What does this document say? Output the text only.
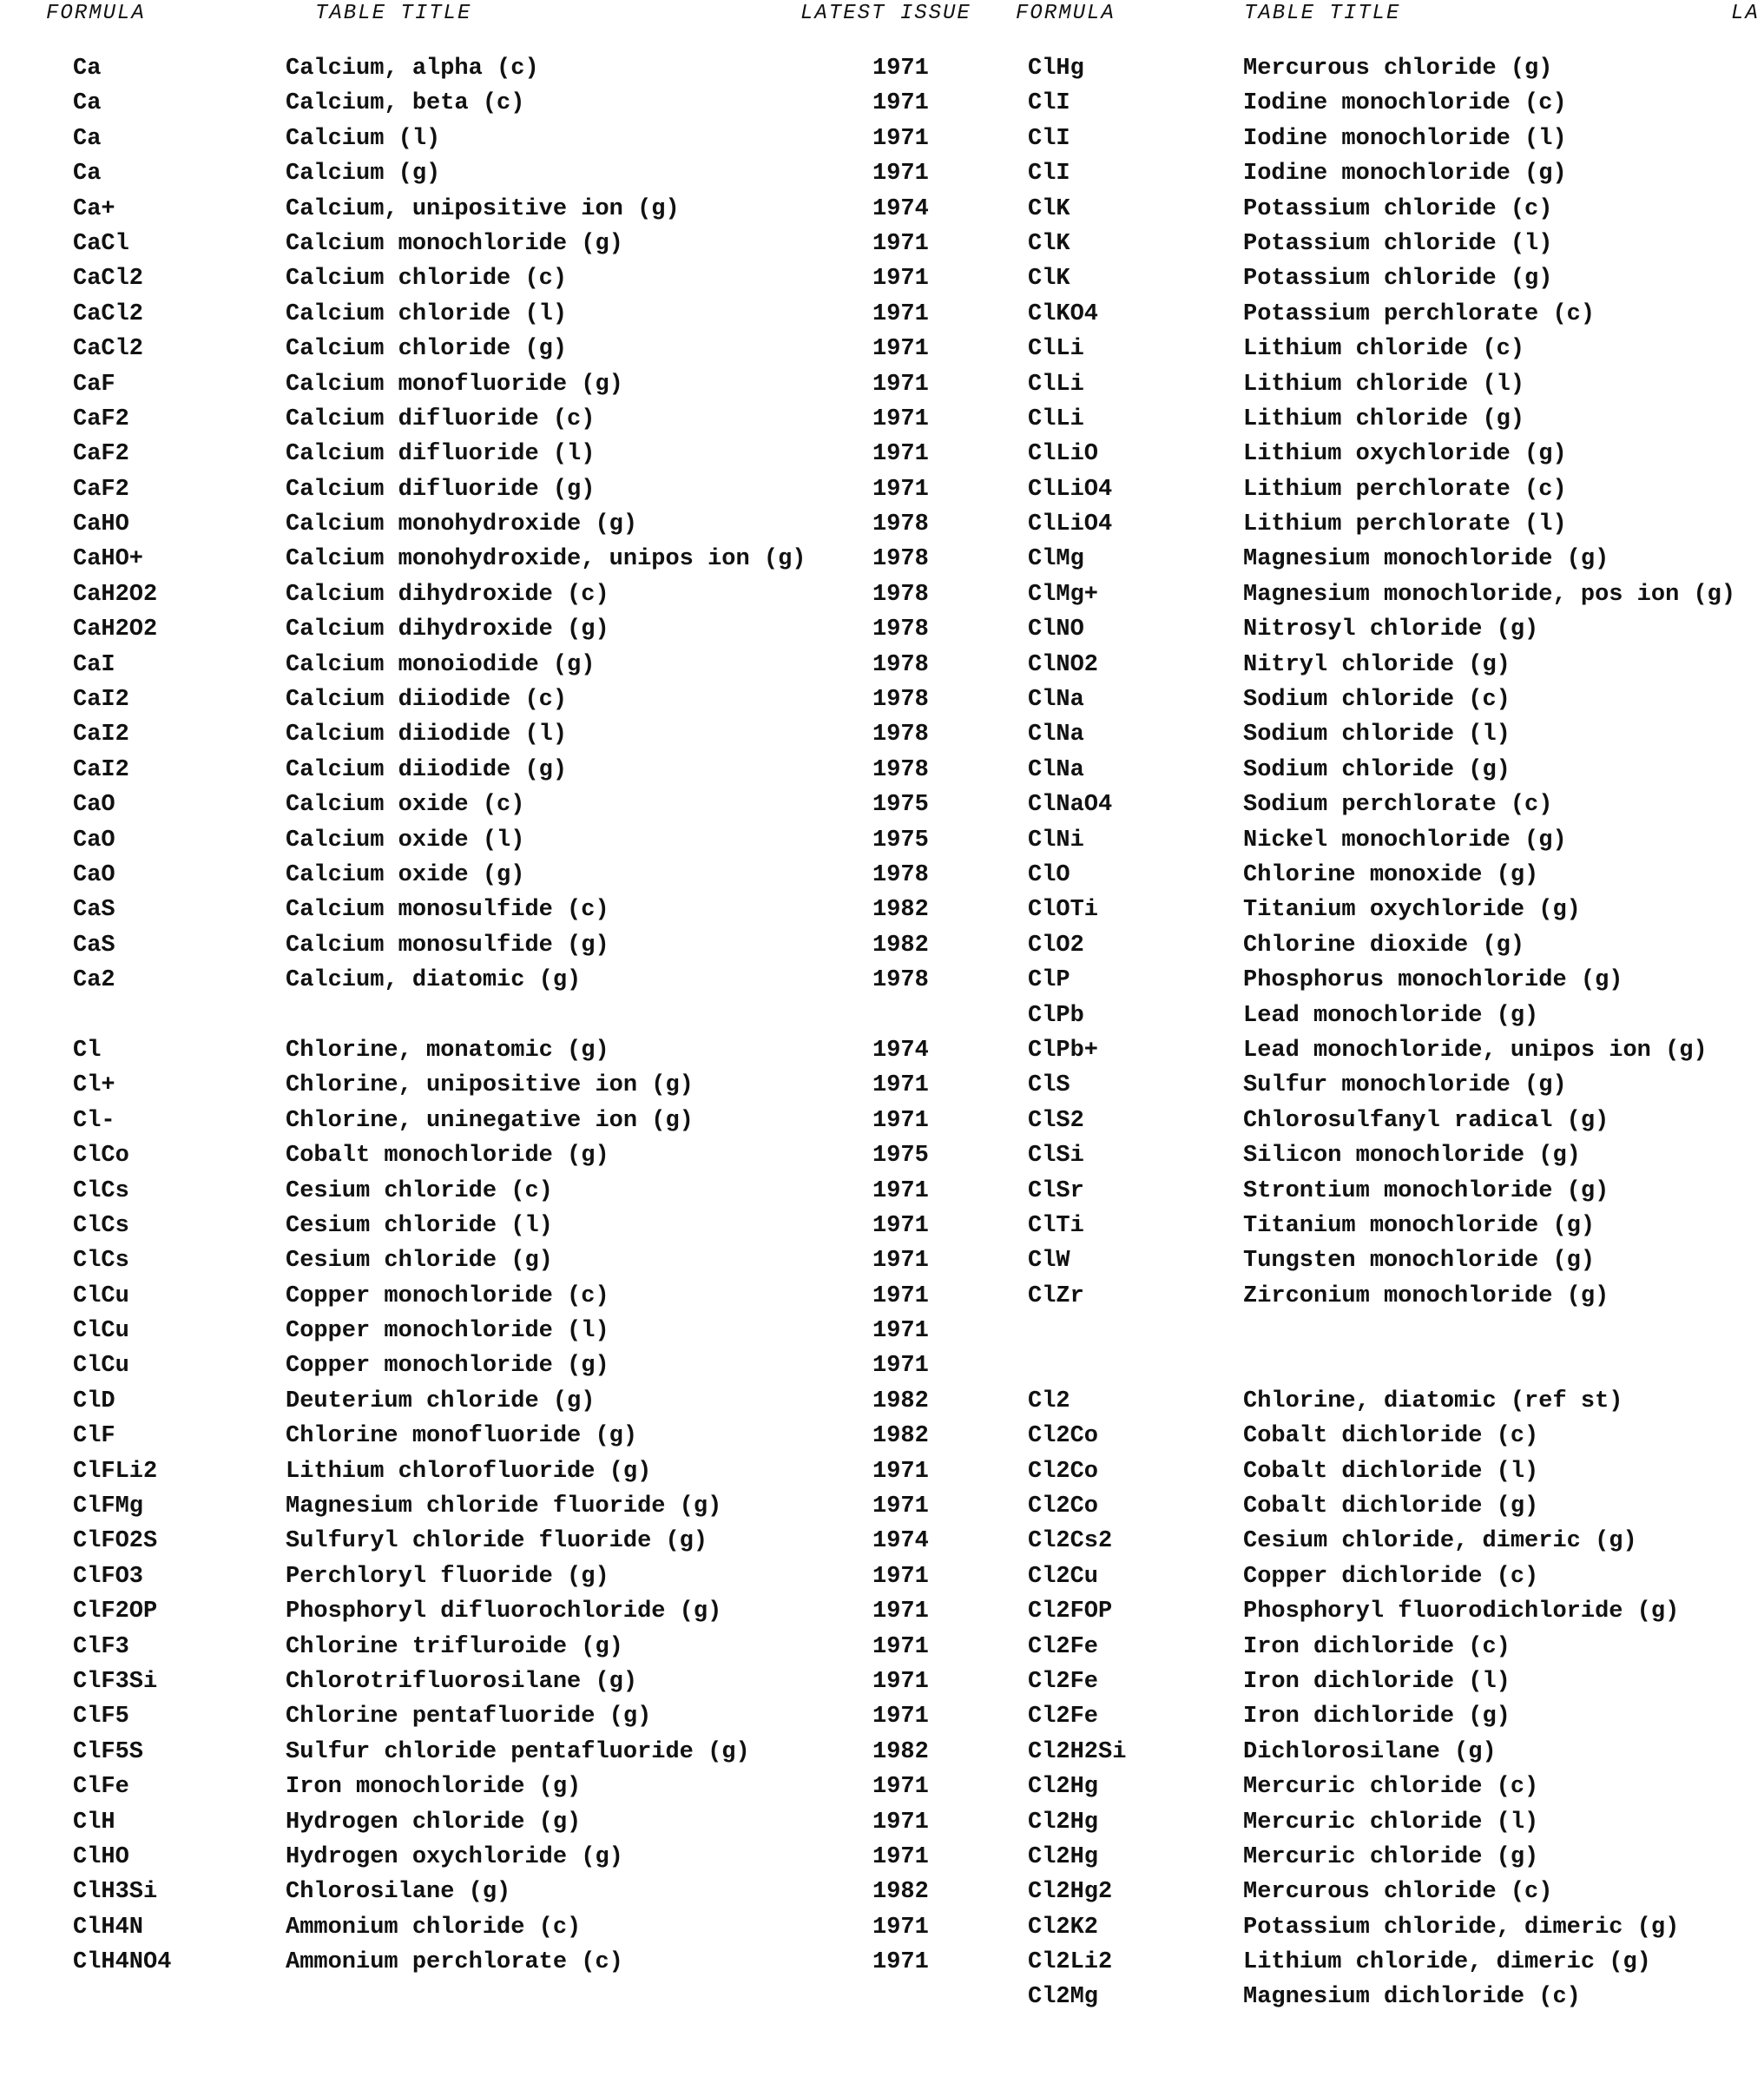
FORMULA	TABLE TITLE	LATEST ISSUE FORMULA	TABLE TITLE	LA
Ca	Calcium, alpha (c)	1971
Ca	Calcium, beta (c)	1971
Ca	Calcium (l)	1971
Ca	Calcium (g)	1971
Ca+	Calcium, unipositive ion (g)	1974
CaCl	Calcium monochloride (g)	1971
CaCl2	Calcium chloride (c)	1971
CaCl2	Calcium chloride (l)	1971
CaCl2	Calcium chloride (g)	1971
CaF	Calcium monofluoride (g)	1971
CaF2	Calcium difluoride (c)	1971
CaF2	Calcium difluoride (l)	1971
CaF2	Calcium difluoride (g)	1971
CaHO	Calcium monohydroxide (g)	1978
CaHO+	Calcium monohydroxide, unipos ion (g)	1978
CaH2O2	Calcium dihydroxide (c)	1978
CaH2O2	Calcium dihydroxide (g)	1978
CaI	Calcium monoiodide (g)	1978
CaI2	Calcium diiodide (c)	1978
CaI2	Calcium diiodide (l)	1978
CaI2	Calcium diiodide (g)	1978
CaO	Calcium oxide (c)	1975
CaO	Calcium oxide (l)	1975
CaO	Calcium oxide (g)	1978
CaS	Calcium monosulfide (c)	1982
CaS	Calcium monosulfide (g)	1982
Ca2	Calcium, diatomic (g)	1978
Cl	Chlorine, monatomic (g)	1974
Cl+	Chlorine, unipositive ion (g)	1971
Cl-	Chlorine, uninegative ion (g)	1971
ClCo	Cobalt monochloride (g)	1975
ClCs	Cesium chloride (c)	1971
ClCs	Cesium chloride (l)	1971
ClCs	Cesium chloride (g)	1971
ClCu	Copper monochloride (c)	1971
ClCu	Copper monochloride (l)	1971
ClCu	Copper monochloride (g)	1971
ClD	Deuterium chloride (g)	1982
ClF	Chlorine monofluoride (g)	1982
ClFLi2	Lithium chlorofluoride (g)	1971
ClFMg	Magnesium chloride fluoride (g)	1971
ClFO2S	Sulfuryl chloride fluoride (g)	1974
ClFO3	Perchloryl fluoride (g)	1971
ClF2OP	Phosphoryl difluorochloride (g)	1971
ClF3	Chlorine trifluroide (g)	1971
ClF3Si	Chlorotrifluorosilane (g)	1971
ClF5	Chlorine pentafluoride (g)	1971
ClF5S	Sulfur chloride pentafluoride (g)	1982
ClFe	Iron monochloride (g)	1971
ClH	Hydrogen chloride (g)	1971
ClHO	Hydrogen oxychloride (g)	1971
ClH3Si	Chlorosilane (g)	1982
ClH4N	Ammonium chloride (c)	1971
ClH4NO4	Ammonium perchlorate (c)	1971
ClHg	Mercurous chloride (g)
ClI	Iodine monochloride (c)
ClI	Iodine monochloride (l)
ClI	Iodine monochloride (g)
ClK	Potassium chloride (c)
ClK	Potassium chloride (l)
ClK	Potassium chloride (g)
ClKO4	Potassium perchlorate (c)
ClLi	Lithium chloride (c)
ClLi	Lithium chloride (l)
ClLi	Lithium chloride (g)
ClLiO	Lithium oxychloride (g)
ClLiO4	Lithium perchlorate (c)
ClLiO4	Lithium perchlorate (l)
ClMg	Magnesium monochloride (g)
ClMg+	Magnesium monochloride, pos ion (g)
ClNO	Nitrosyl chloride (g)
ClNO2	Nitryl chloride (g)
ClNa	Sodium chloride (c)
ClNa	Sodium chloride (l)
ClNa	Sodium chloride (g)
ClNaO4	Sodium perchlorate (c)
ClNi	Nickel monochloride (g)
ClO	Chlorine monoxide (g)
ClOTi	Titanium oxychloride (g)
ClO2	Chlorine dioxide (g)
ClP	Phosphorus monochloride (g)
ClPb	Lead monochloride (g)
ClPb+	Lead monochloride, unipos ion (g)
ClS	Sulfur monochloride (g)
ClS2	Chlorosulfanyl radical (g)
ClSi	Silicon monochloride (g)
ClSr	Strontium monochloride (g)
ClTi	Titanium monochloride (g)
ClW	Tungsten monochloride (g)
ClZr	Zirconium monochloride (g)
Cl2	Chlorine, diatomic (ref st)
Cl2Co	Cobalt dichloride (c)
Cl2Co	Cobalt dichloride (l)
Cl2Co	Cobalt dichloride (g)
Cl2Cs2	Cesium chloride, dimeric (g)
Cl2Cu	Copper dichloride (c)
Cl2FOP	Phosphoryl fluorodichloride (g)
Cl2Fe	Iron dichloride (c)
Cl2Fe	Iron dichloride (l)
Cl2Fe	Iron dichloride (g)
Cl2H2Si	Dichlorosilane (g)
Cl2Hg	Mercuric chloride (c)
Cl2Hg	Mercuric chloride (l)
Cl2Hg	Mercuric chloride (g)
Cl2Hg2	Mercurous chloride (c)
Cl2K2	Potassium chloride, dimeric (g)
Cl2Li2	Lithium chloride, dimeric (g)
Cl2Mg	Magnesium dichloride (c)
